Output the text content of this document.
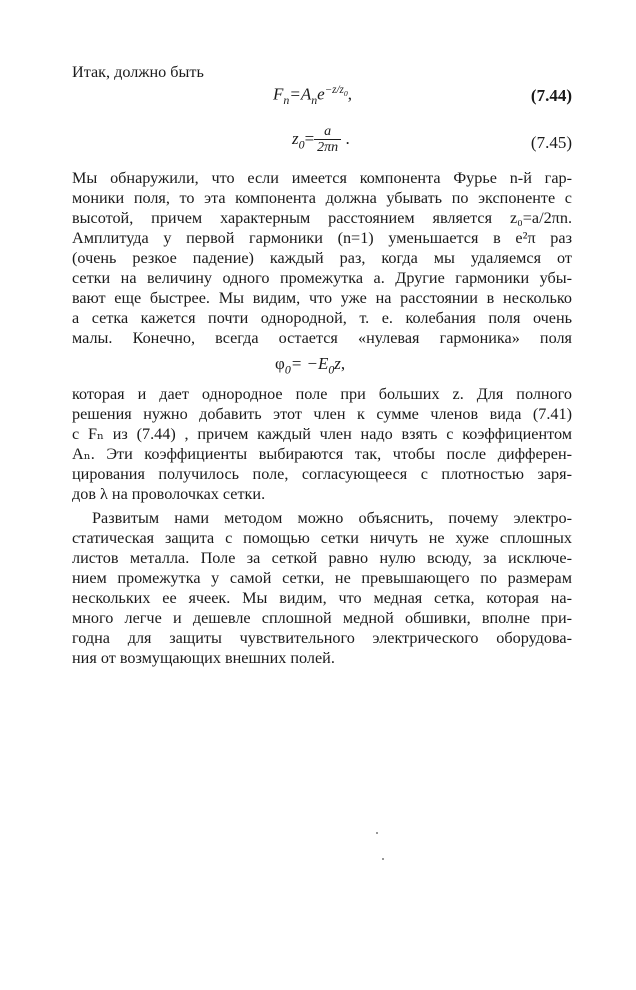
Итак, должно быть
$F_n=A_ne^{-z/z_0}$,	(7.44)
$z_0= \frac{a}{2\pi n}$ .	(7.45)
Мы обнаружили, что если имеется компонента Фурье n-й гар-
моники поля, то эта компонента должна убывать по экспоненте с
высотой, причем характерным расстоянием является z₀=a/2πn.
Амплитуда у первой гармоники (n=1) уменьшается в e²π раз
(очень резкое падение) каждый раз, когда мы удаляемся от
сетки на величину одного промежутка a. Другие гармоники убы-
вают еще быстрее. Мы видим, что уже на расстоянии в несколько
a сетка кажется почти однородной, т. е. колебания поля очень
малы. Конечно, всегда остается «нулевая гармоника» поля
$\varphi_0= -E_0z$,
которая и дает однородное поле при больших z. Для полного
решения нужно добавить этот член к сумме членов вида (7.41)
с Fₙ из (7.44) , причем каждый член надо взять с коэффициентом
Aₙ. Эти коэффициенты выбираются так, чтобы после дифферен-
цирования получилось поле, согласующееся с плотностью заря-
дов λ на проволочках сетки.
Развитым нами методом можно объяснить, почему электро-
статическая защита с помощью сетки ничуть не хуже сплошных
листов металла. Поле за сеткой равно нулю всюду, за исключе-
нием промежутка у самой сетки, не превышающего по размерам
нескольких ее ячеек. Мы видим, что медная сетка, которая на-
много легче и дешевле сплошной медной обшивки, вполне при-
годна для защиты чувствительного электрического оборудова-
ния от возмущающих внешних полей.
